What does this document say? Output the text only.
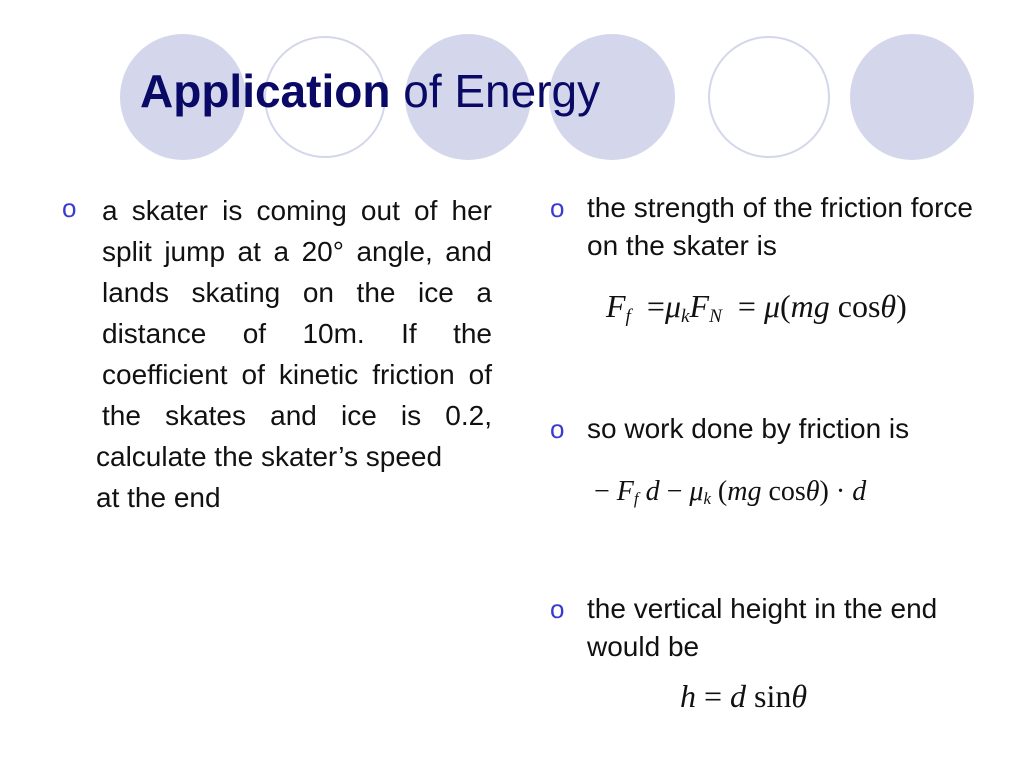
Application of Energy
o a skater is coming out of her split jump at a 20° angle, and lands skating on the ice a distance of 10m. If the coefficient of kinetic friction of the skates and ice is 0.2,
calculate the skater’s speed
at the end
o the strength of the friction force on the skater is
$F_f =\mu_kF_N = \mu(mg$ cosθ)
o so work done by friction is
− $F_f$ $d - \mu_k$ (mg cosθ) · d
o the vertical height in the end would be
h = d sinθ
